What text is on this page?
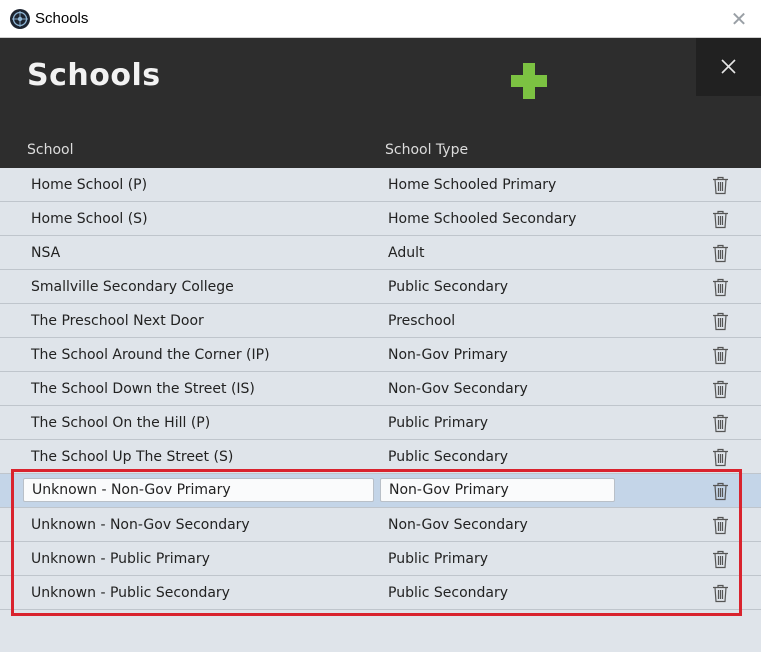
Schools	✕
Schools
School	School Type
Home School (P)	Home Schooled Primary
Home School (S)	Home Schooled Secondary
NSA	Adult
Smallville Secondary College	Public Secondary
The Preschool Next Door	Preschool
The School Around the Corner (IP)	Non-Gov Primary
The School Down the Street (IS)	Non-Gov Secondary
The School On the Hill (P)	Public Primary
The School Up The Street (S)	Public Secondary
Unknown - Non-Gov Primary	Non-Gov Primary
Unknown - Non-Gov Secondary	Non-Gov Secondary
Unknown - Public Primary	Public Primary
Unknown - Public Secondary	Public Secondary
